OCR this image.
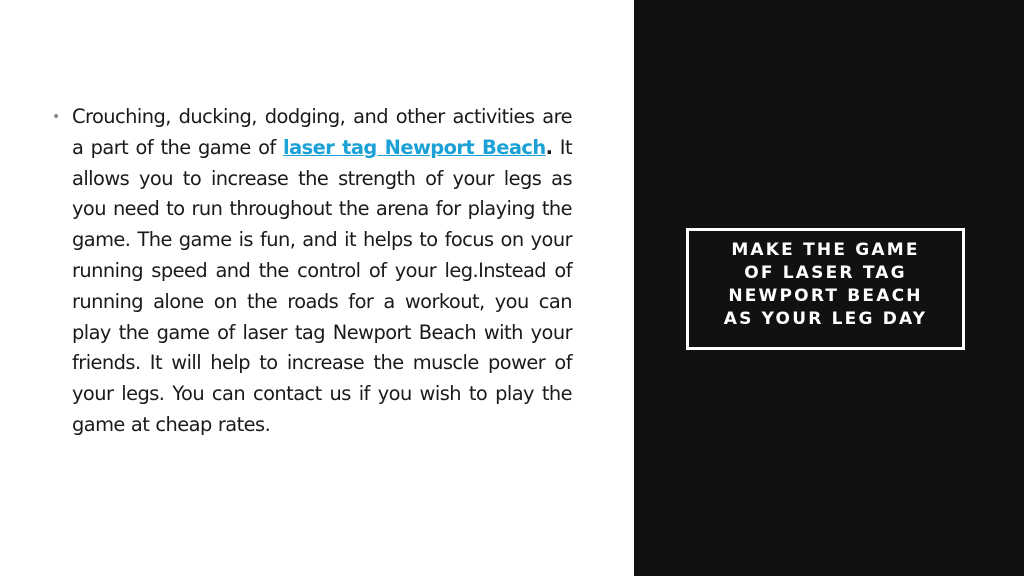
• Crouching, ducking, dodging, and other activities are a part of the game of laser tag Newport Beach. It allows you to increase the strength of your legs as you need to run throughout the arena for playing the game. The game is fun, and it helps to focus on your running speed and the control of your leg.Instead of running alone on the roads for a workout, you can play the game of laser tag Newport Beach with your friends. It will help to increase the muscle power of your legs. You can contact us if you wish to play the game at cheap rates.
MAKE THE GAME
OF LASER TAG
NEWPORT BEACH
AS YOUR LEG DAY
